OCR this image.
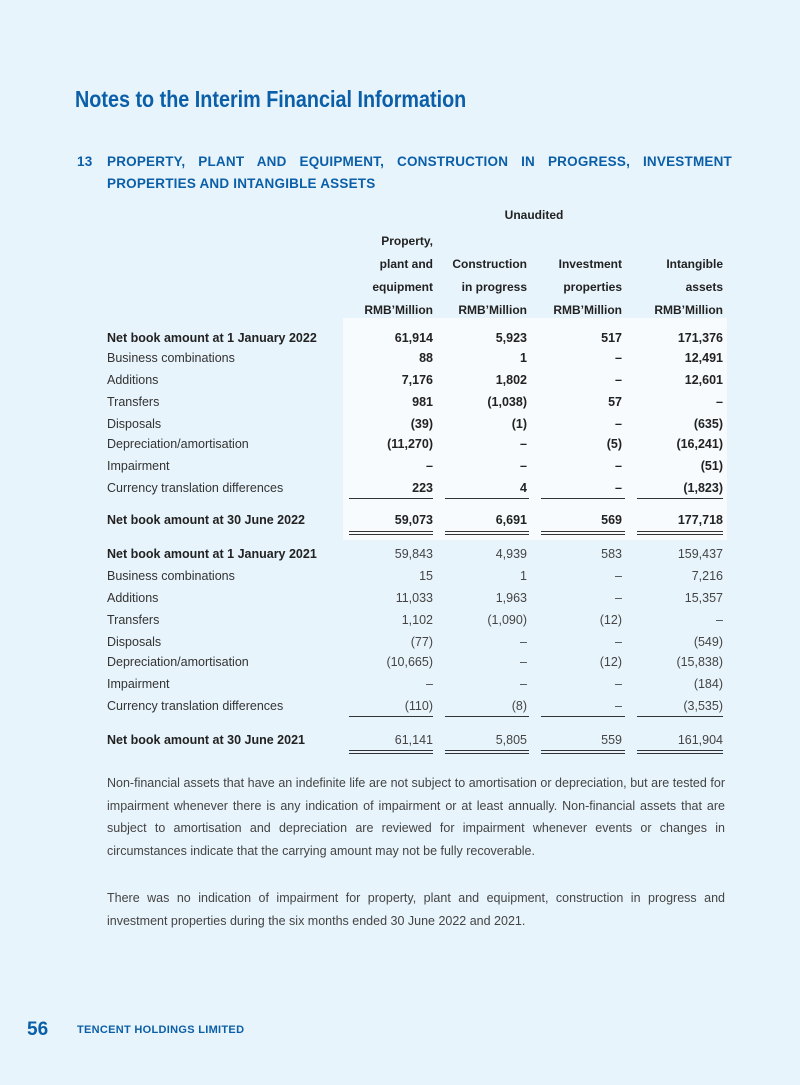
Notes to the Interim Financial Information
13 PROPERTY, PLANT AND EQUIPMENT, CONSTRUCTION IN PROGRESS, INVESTMENT PROPERTIES AND INTANGIBLE ASSETS
Unaudited
Property,
plant and
equipment
RMB’Million
Construction
in progress
RMB’Million
Investment
properties
RMB’Million
Intangible
assets
RMB’Million
Net book amount at 1 January 2022	61,914	5,923	517	171,376
Business combinations	88	1	–	12,491
Additions	7,176	1,802	–	12,601
Transfers	981	(1,038)	57	–
Disposals	(39)	(1)	–	(635)
Depreciation/amortisation	(11,270)	–	(5)	(16,241)
Impairment	–	–	–	(51)
Currency translation differences	223	4	–	(1,823)
Net book amount at 30 June 2022	59,073	6,691	569	177,718
Net book amount at 1 January 2021	59,843	4,939	583	159,437
Business combinations	15	1	–	7,216
Additions	11,033	1,963	–	15,357
Transfers	1,102	(1,090)	(12)	–
Disposals	(77)	–	–	(549)
Depreciation/amortisation	(10,665)	–	(12)	(15,838)
Impairment	–	–	–	(184)
Currency translation differences	(110)	(8)	–	(3,535)
Net book amount at 30 June 2021	61,141	5,805	559	161,904

Non-financial assets that have an indefinite life are not subject to amortisation or depreciation, but are tested for impairment whenever there is any indication of impairment or at least annually. Non-financial assets that are subject to amortisation and depreciation are reviewed for impairment whenever events or changes in circumstances indicate that the carrying amount may not be fully recoverable.

There was no indication of impairment for property, plant and equipment, construction in progress and investment properties during the six months ended 30 June 2022 and 2021.

56	TENCENT HOLDINGS LIMITED
